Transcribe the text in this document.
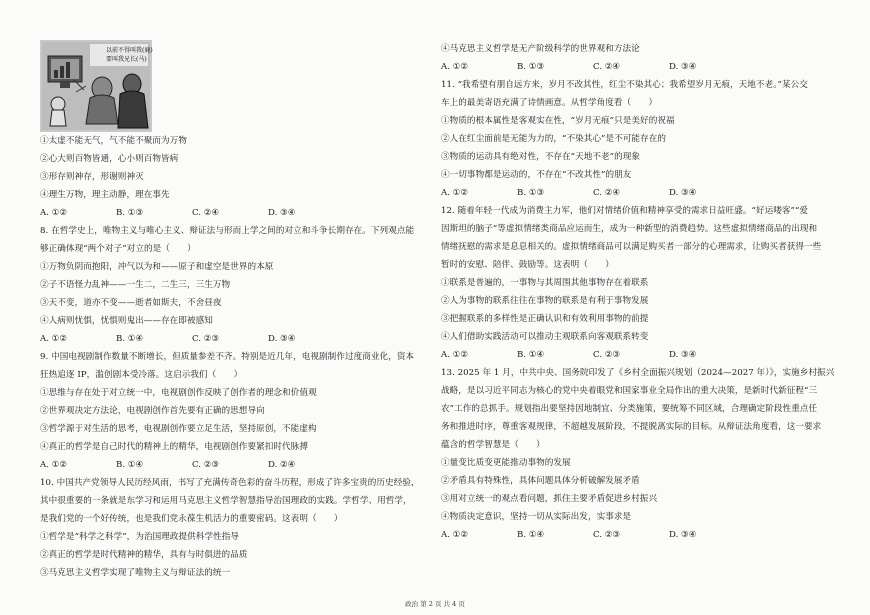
以前不得叫我(鹿)
要叫我兄长(马)
①太虚不能无气，气不能不聚而为万物
②心大则百物皆通，心小则百物皆病
③形存则神存，形谢则神灭
④理生万物，理主动静，理在事先
A. ①②	B. ①③	C. ②④	D. ③④
8. 在哲学史上，唯物主义与唯心主义、辩证法与形而上学之间的对立和斗争长期存在。下列观点能
够正确体现“两个对子”对立的是（　　）
①万物负阴而抱阳，冲气以为和——原子和虚空是世界的本原
②子不语怪力乱神——一生二，二生三，三生万物
③天不变，道亦不变——逝者如斯夫，不舍昼夜
④人病则忧惧，忧惧则鬼出——存在即被感知
A. ①②	B. ①④	C. ②③	D. ③④
9. 中国电视剧制作数量不断增长，但质量参差不齐。特别是近几年，电视剧制作过度商业化，资本
狂热追逐 IP，滥创剧本受冷落。这启示我们（　　）
①思维与存在处于对立统一中，电视剧创作反映了创作者的理念和价值观
②世界观决定方法论，电视剧创作首先要有正确的思想导向
③哲学源于对生活的思考，电视剧创作要立足生活，坚持原创，不能虚构
④真正的哲学是自己时代的精神上的精华，电视剧创作要紧扣时代脉搏
A. ①②	B. ①④	C. ②③	D. ②④
10. 中国共产党领导人民历经风雨，书写了充满传奇色彩的奋斗历程，形成了许多宝贵的历史经验，
其中很重要的一条就是东学习和运用马克思主义哲学智慧指导治国理政的实践。学哲学、用哲学，
是我们党的一个好传统，也是我们党永葆生机活力的重要密码。这表明（　　）
①哲学是“科学之科学”，为治国理政提供科学性指导
②真正的哲学是时代精神的精华，具有与时俱进的品质
③马克思主义哲学实现了唯物主义与辩证法的统一
④马克思主义哲学是无产阶级科学的世界观和方法论
A. ①②	B. ①③	C. ②④	D. ③④
11. “我希望有朋自远方来，岁月不改其性，红尘不染其心；我希望岁月无痕，天地不老。”某公交
车上的最美寄语充满了诗情画意。从哲学角度看（　　）
①物质的根本属性是客观实在性，“岁月无痕”只是美好的祝福
②人在红尘面前是无能为力的，“不染其心”是不可能存在的
③物质的运动具有绝对性，不存在“天地不老”的现象
④一切事物都是运动的，不存在“不改其性”的朋友
A. ①②	B. ①③	C. ②④	D. ③④
12. 随着年轻一代成为消费主力军，他们对情绪价值和精神享受的需求日益旺盛。“好运喽客”“爱
因斯坦的脑子”等虚拟情绪类商品应运而生，成为一种新型的消费趋势。这些虚拟情绪商品的出现和
情绪抚慰的需求是息息相关的。虚拟情绪商品可以满足购买者一部分的心理需求，让购买者获得一些
暂时的安慰、陪伴、鼓励等。这表明（　　）
①联系是普遍的，一事物与其周围其他事物存在着联系
②人为事物的联系往往在事物的联系是有利于事物发展
③把握联系的多样性是正确认识和有效利用事物的前提
④人们借助实践活动可以推动主观联系向客观联系转变
A. ①②	B. ①④	C. ②③	D. ③④
13. 2025 年 1 月，中共中央、国务院印发了《乡村全面振兴规划（2024—2027 年）》，实施乡村振兴
战略，是以习近平同志为核心的党中央着眼党和国家事业全局作出的重大决策，是新时代新征程“三
农”工作的总抓手。规划指出要坚持因地制宜、分类施策，要统筹不同区域，合理确定阶段性重点任
务和推进时序，尊重客观规律，不超越发展阶段，不提脱离实际的目标。从辩证法角度看，这一要求
蕴含的哲学智慧是（　　）
①量变比质变更能推动事物的发展
②矛盾具有特殊性，具体问题具体分析破解发展矛盾
③用对立统一的观点看问题，抓住主要矛盾促进乡村振兴
④物质决定意识，坚持一切从实际出发，实事求是
A. ①②	B. ①④	C. ②③	D. ③④
政治 第 2 页 共 4 页
